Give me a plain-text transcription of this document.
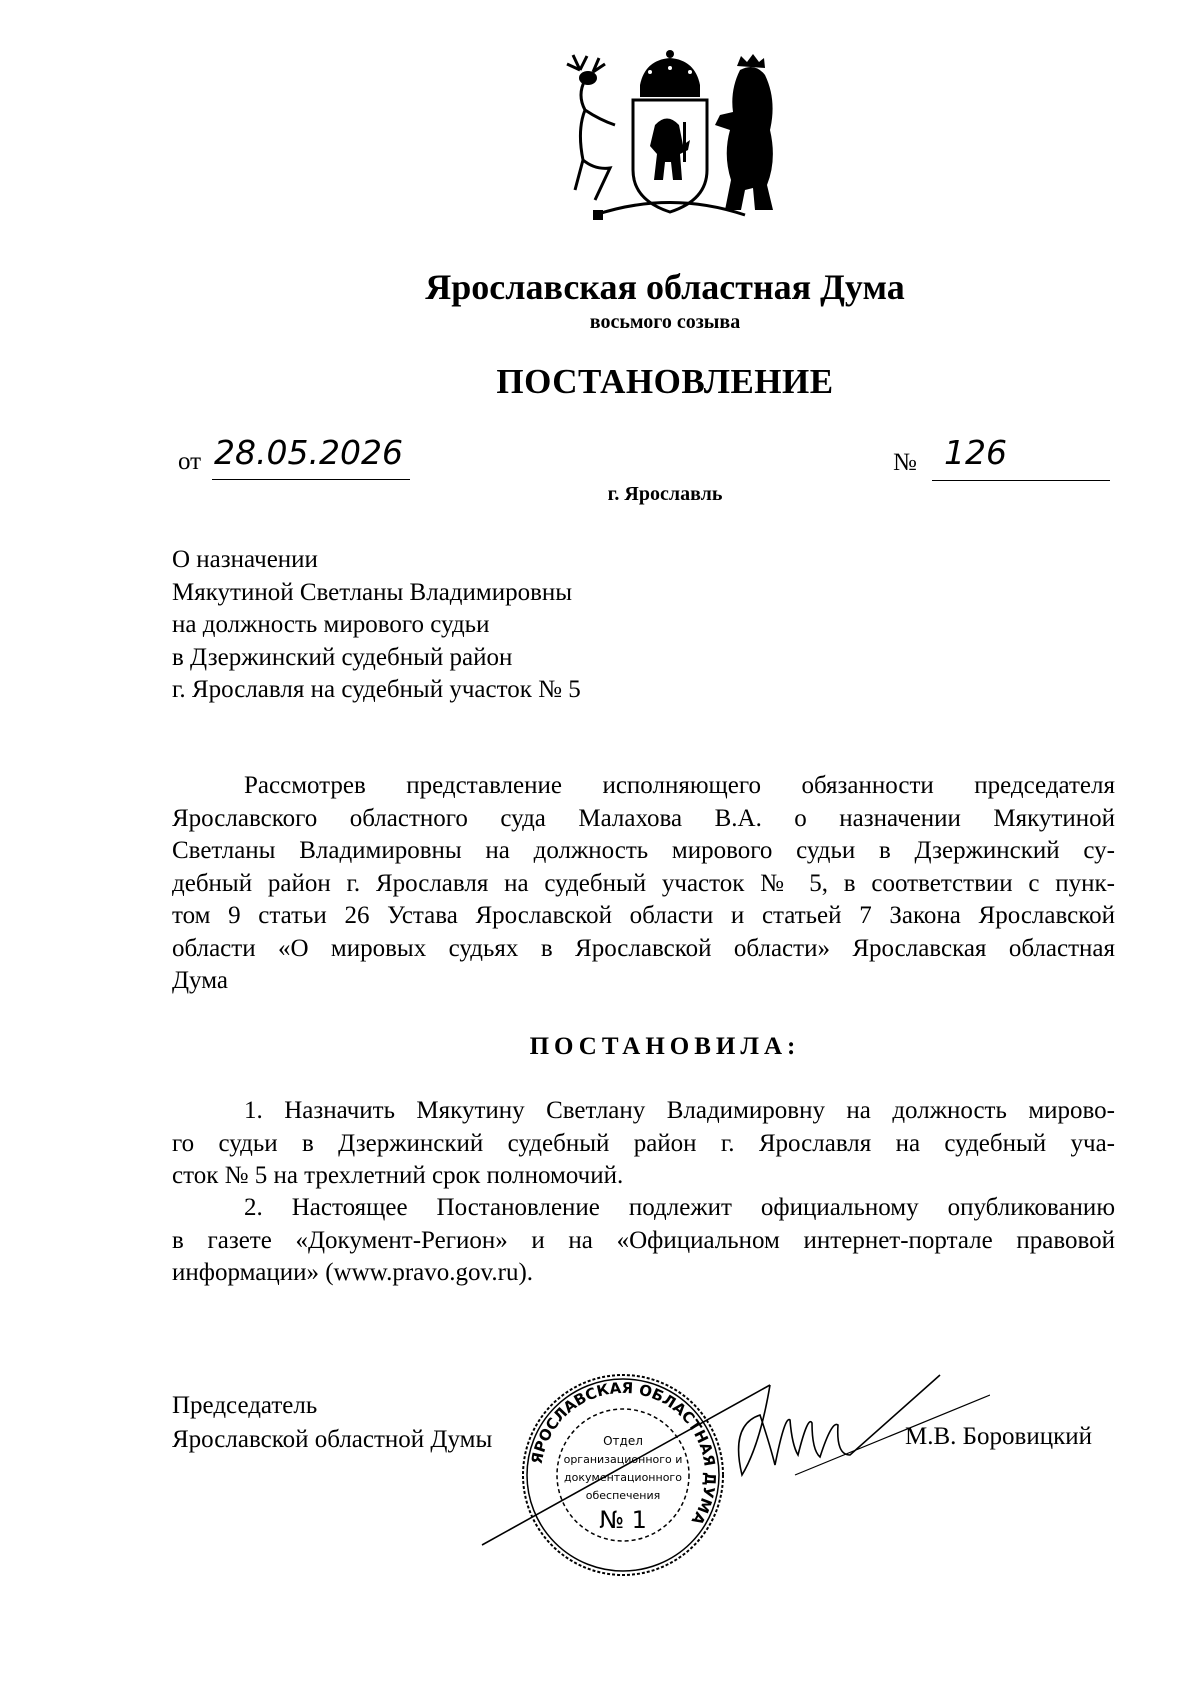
Ярославская областная Дума
восьмого созыва
ПОСТАНОВЛЕНИЕ
от 28.05.2026	№ 126
г. Ярославль
О назначении
Мякутиной Светланы Владимировны
на должность мирового судьи
в Дзержинский судебный район
г. Ярославля на судебный участок № 5
Рассмотрев представление исполняющего обязанности председателя
Ярославского областного суда Малахова В.А. о назначении Мякутиной
Светланы Владимировны на должность мирового судьи в Дзержинский су-
дебный район г. Ярославля на судебный участок № 5, в соответствии с пунк-
том 9 статьи 26 Устава Ярославской области и статьей 7 Закона Ярославской
области «О мировых судьях в Ярославской области» Ярославская областная
Дума
ПОСТАНОВИЛА:
1. Назначить Мякутину Светлану Владимировну на должность мирово-
го судьи в Дзержинский судебный район г. Ярославля на судебный уча-
сток № 5 на трехлетний срок полномочий.
2. Настоящее Постановление подлежит официальному опубликованию
в газете «Документ-Регион» и на «Официальном интернет-портале правовой
информации» (www.pravo.gov.ru).
ЯРОСЛАВСКАЯ ОБЛАСТНАЯ ДУМА
Отдел
организационного и
документационного
обеспечения
№ 1
Председатель
Ярославской областной Думы	М.В. Боровицкий
